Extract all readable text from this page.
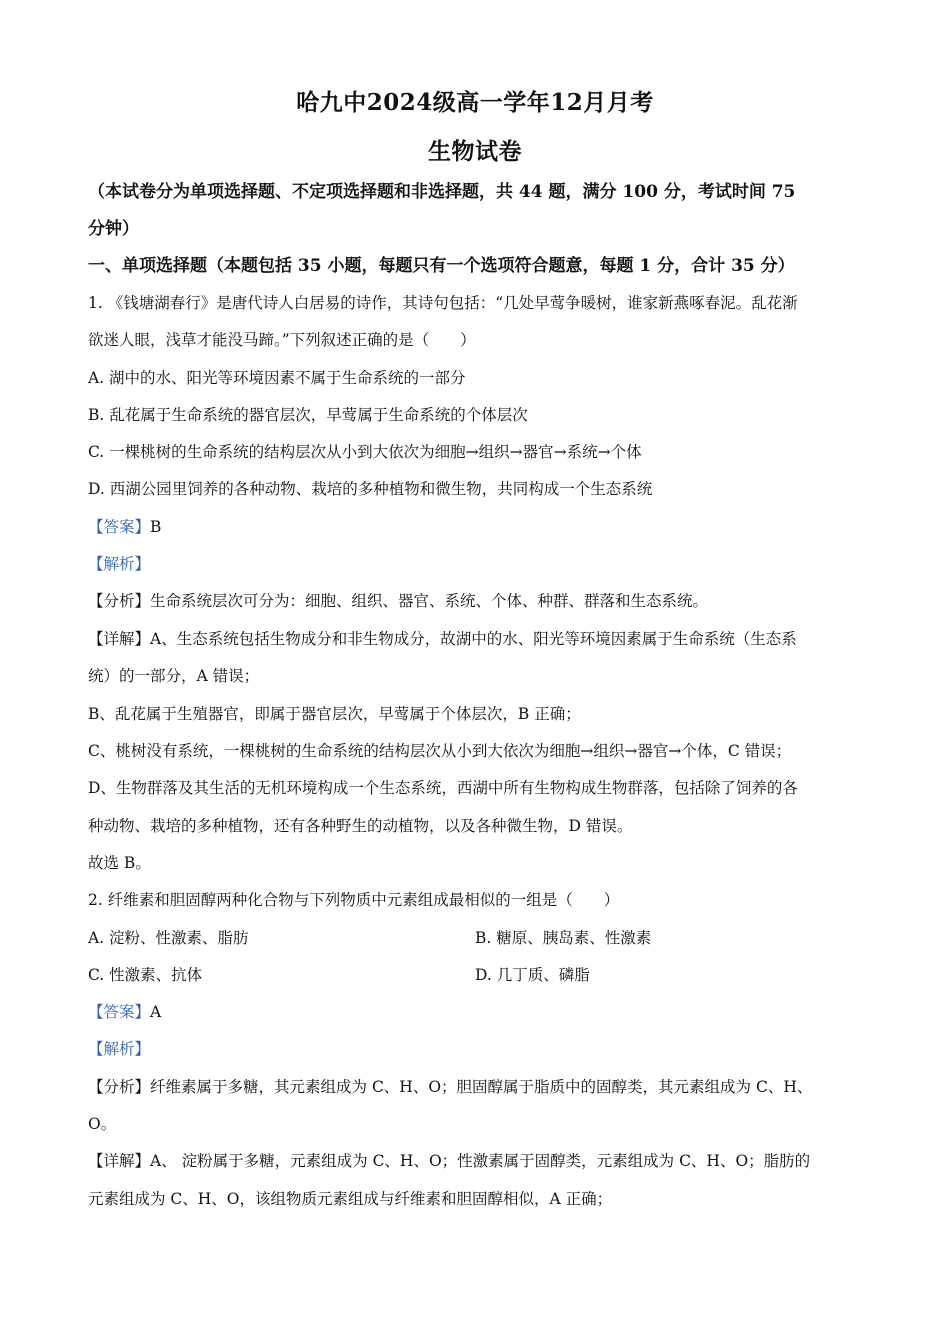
哈九中2024级高一学年12月月考
生物试卷
（本试卷分为单项选择题、不定项选择题和非选择题，共 44 题，满分 100 分，考试时间 75
分钟）
一、单项选择题（本题包括 35 小题，每题只有一个选项符合题意，每题 1 分，合计 35 分）
1. 《钱塘湖春行》是唐代诗人白居易的诗作，其诗句包括：“几处早莺争暖树，谁家新燕啄春泥。乱花渐
欲迷人眼，浅草才能没马蹄。”下列叙述正确的是（　　）
A. 湖中的水、阳光等环境因素不属于生命系统的一部分
B. 乱花属于生命系统的器官层次，早莺属于生命系统的个体层次
C. 一棵桃树的生命系统的结构层次从小到大依次为细胞→组织→器官→系统→个体
D. 西湖公园里饲养的各种动物、栽培的多种植物和微生物，共同构成一个生态系统
【答案】B
【解析】
【分析】生命系统层次可分为：细胞、组织、器官、系统、个体、种群、群落和生态系统。
【详解】A、生态系统包括生物成分和非生物成分，故湖中的水、阳光等环境因素属于生命系统（生态系
统）的一部分，A 错误；
B、乱花属于生殖器官，即属于器官层次，早莺属于个体层次，B 正确；
C、桃树没有系统，一棵桃树的生命系统的结构层次从小到大依次为细胞→组织→器官→个体，C 错误；
D、生物群落及其生活的无机环境构成一个生态系统，西湖中所有生物构成生物群落，包括除了饲养的各
种动物、栽培的多种植物，还有各种野生的动植物，以及各种微生物，D 错误。
故选 B。
2. 纤维素和胆固醇两种化合物与下列物质中元素组成最相似的一组是（　　）
A. 淀粉、性激素、脂肪	B. 糖原、胰岛素、性激素
C. 性激素、抗体	D. 几丁质、磷脂
【答案】A
【解析】
【分析】纤维素属于多糖，其元素组成为 C、H、O；胆固醇属于脂质中的固醇类，其元素组成为 C、H、
O。
【详解】A、 淀粉属于多糖，元素组成为 C、H、O；性激素属于固醇类，元素组成为 C、H、O；脂肪的
元素组成为 C、H、O，该组物质元素组成与纤维素和胆固醇相似，A 正确；
